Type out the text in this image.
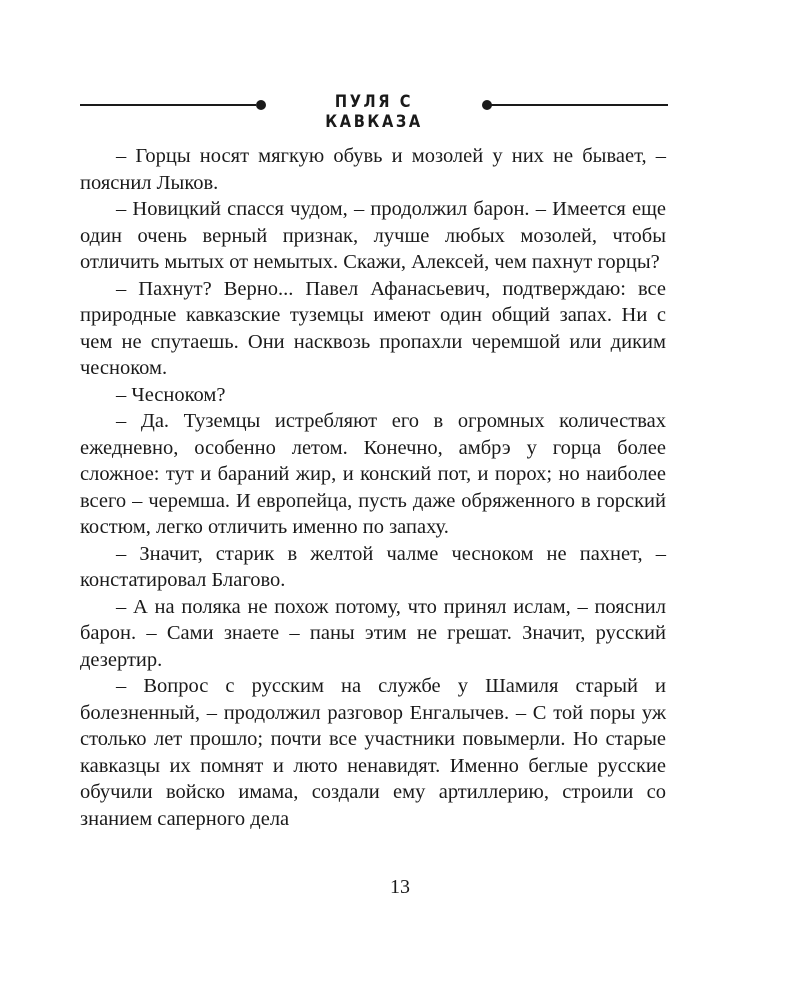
ПУЛЯ С КАВКАЗА

– Горцы носят мягкую обувь и мозолей у них не бывает, – пояснил Лыков.

– Новицкий спасся чудом, – продолжил барон. – Имеется еще один очень верный признак, лучше любых мозолей, чтобы отличить мытых от немытых. Скажи, Алексей, чем пахнут горцы?

– Пахнут? Верно... Павел Афанасьевич, подтверждаю: все природные кавказские туземцы имеют один общий запах. Ни с чем не спутаешь. Они насквозь пропахли черемшой или диким чесноком.

– Чесноком?

– Да. Туземцы истребляют его в огромных количествах ежедневно, особенно летом. Конечно, амбрэ у горца более сложное: тут и бараний жир, и конский пот, и порох; но наиболее всего – черемша. И европейца, пусть даже обряженного в горский костюм, легко отличить именно по запаху.

– Значит, старик в желтой чалме чесноком не пахнет, – констатировал Благово.

– А на поляка не похож потому, что принял ислам, – пояснил барон. – Сами знаете – паны этим не грешат. Значит, русский дезертир.

– Вопрос с русским на службе у Шамиля старый и болезненный, – продолжил разговор Енгалычев. – С той поры уж столько лет прошло; почти все участники повымерли. Но старые кавказцы их помнят и люто ненавидят. Именно беглые русские обучили войско имама, создали ему артиллерию, строили со знанием саперного дела

13
